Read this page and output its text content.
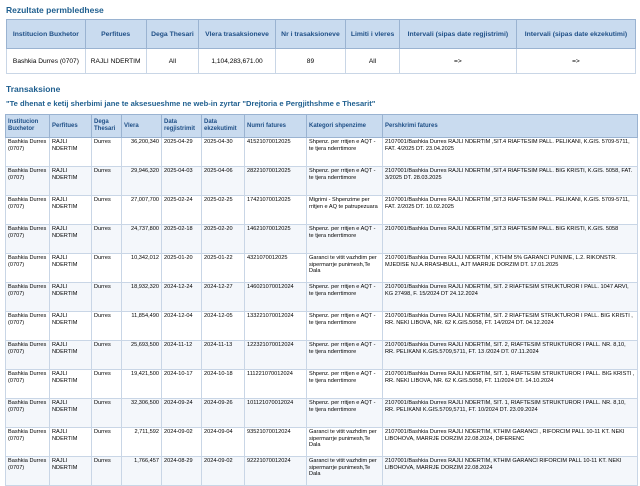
Rezultate permbledhese
Institucion Buxhetor	Perfitues	Dega Thesari	Vlera trasaksioneve	Nr i trasaksioneve	Limiti i vleres	Intervali (sipas date regjistrimi)	Intervali (sipas date ekzekutimi)
Bashkia Durres (0707)	RAJLI NDERTIM	All	1,104,283,671.00	89	All	=>	=>
Transaksione
"Te dhenat e ketij sherbimi jane te aksesueshme ne web-in zyrtar "Drejtoria e Pergjithshme e Thesarit"
Institucion Buxhetor	Perfitues	Dega Thesari	Vlera	Data regjistrimit	Data ekzekutimit	Numri fatures	Kategori shpenzime	Pershkrimi fatures
Bashkia Durres (0707)	RAJLI NDERTIM	Durres	36,200,340	2025-04-29	2025-04-30	41521070012025	Shpenz. per rritjen e AQT - te tjera nderrtimore	2107001/Bashkia Durres RAJLI NDERTIM ,SIT.4 RIAFTESIM PALL. PELIKANI, K.GIS. 5709-5711, FAT. 4/2025 DT. 23.04.2025
Bashkia Durres (0707)	RAJLI NDERTIM	Durres	29,946,320	2025-04-03	2025-04-06	28221070012025	Shpenz. per rritjen e AQT - te tjera nderrtimore	2107001/Bashkia Durres RAJLI NDERTIM ,SIT.4 RIAFTESIM PALL. BIG KRISTI, K.GIS. 5058, FAT. 3/2025 DT. 28.03.2025
Bashkia Durres (0707)	RAJLI NDERTIM	Durres	27,007,700	2025-02-24	2025-02-25	17421070012025	Migrimi - Shpenzime per rritjen e AQ te patrupezuara	2107001/Bashkia Durres RAJLI NDERTIM ,SIT.3 RIAFTESIM PALL. PELIKANI, K.GIS. 5709-5711, FAT. 2/2025 DT. 10.02.2025
Bashkia Durres (0707)	RAJLI NDERTIM	Durres	24,737,800	2025-02-18	2025-02-20	14621070012025	Shpenz. per rritjen e AQT - te tjera nderrtimore	2107001/Bashkia Durres RAJLI NDERTIM ,SIT.3 RIAFTESIM PALL. BIG KRISTI, K.GIS. 5058
Bashkia Durres (0707)	RAJLI NDERTIM	Durres	10,342,012	2025-01-20	2025-01-22	4321070012025	Garanci te vitit vazhdim per sipermarrje punimesh,Te Dala	2107001/Bashkia Durres RAJLI NDERTIM , KTHIM 5% GARANCI PUNIME, L.2. RIKONSTR. MJEDISE NJ.A.RRASHBULL, AJT MARRJE DORZIM DT. 17.01.2025
Bashkia Durres (0707)	RAJLI NDERTIM	Durres	18,932,320	2024-12-24	2024-12-27	146021070012024	Shpenz. per rritjen e AQT - te tjera nderrtimore	2107001/Bashkia Durres RAJLI NDERTIM, SIT. 2 RIAFTESIM STRUKTUROR I PALL. 1047 ARVI, KG 27498, F. 15/2024 DT 24.12.2024
Bashkia Durres (0707)	RAJLI NDERTIM	Durres	11,854,490	2024-12-04	2024-12-05	133221070012024	Shpenz. per rritjen e AQT - te tjera nderrtimore	2107001/Bashkia Durres RAJLI NDERTIM, SIT. 2 RIAFTESIM STRUKTUROR I PALL. BIG KRISTI , RR. NEKI LIBOVA, NR. 62 K.GIS.5058, FT. 14/2024 DT. 04.12.2024
Bashkia Durres (0707)	RAJLI NDERTIM	Durres	25,693,500	2024-11-12	2024-11-13	122321070012024	Shpenz. per rritjen e AQT - te tjera nderrtimore	2107001/Bashkia Durres RAJLI NDERTIM, SIT. 2, RIAFTESIM STRUKTUROR I PALL. NR. 8,10, RR. PELIKANI K.GIS.5709,5711, FT. 13 /2024 DT. 07.11.2024
Bashkia Durres (0707)	RAJLI NDERTIM	Durres	19,421,500	2024-10-17	2024-10-18	111221070012024	Shpenz. per rritjen e AQT - te tjera nderrtimore	2107001/Bashkia Durres RAJLI NDERTIM, SIT. 1, RIAFTESIM STRUKTUROR I PALL. BIG KRISTI , RR. NEKI LIBOVA, NR. 62 K.GIS.5058, FT. 11/2024 DT. 14.10.2024
Bashkia Durres (0707)	RAJLI NDERTIM	Durres	32,306,500	2024-09-24	2024-09-26	101121070012024	Shpenz. per rritjen e AQT - te tjera nderrtimore	2107001/Bashkia Durres RAJLI NDERTIM, SIT. 1, RIAFTESIM STRUKTUROR I PALL. NR. 8,10, RR. PELIKANI K.GIS.5709,5711, FT. 10/2024 DT. 23.09.2024
Bashkia Durres (0707)	RAJLI NDERTIM	Durres	2,711,592	2024-09-02	2024-09-04	93521070012024	Garanci te vitit vazhdim per sipermarrje punimesh,Te Dala	2107001/Bashkia Durres RAJLI NDERTIM, KTHIM GARANCI , RIFORCIM PALL 10-11 KT. NEKI LIBOHOVA, MARRJE DORZIM 22.08.2024, DIFERENC
Bashkia Durres (0707)	RAJLI NDERTIM	Durres	1,766,457	2024-08-29	2024-09-02	92221070012024	Garanci te vitit vazhdim per sipermarrje punimesh,Te Dala	2107001/Bashkia Durres RAJLI NDERTIM, KTHIM GARANCI RIFORCIM PALL 10-11 KT. NEKI LIBOHOVA, MARRJE DORZIM 22.08.2024
